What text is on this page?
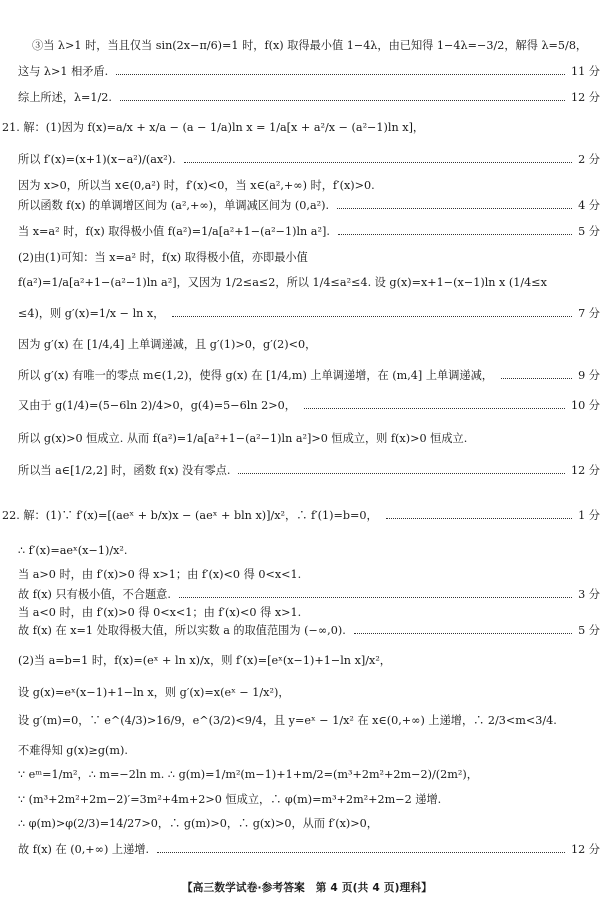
③当 λ>1 时，当且仅当 sin(2x−π/6)=1 时，f(x) 取得最小值 1−4λ，由已知得 1−4λ=−3/2，解得 λ=5/8，
这与 λ>1 相矛盾.	11 分
综上所述，λ=1/2.	12 分
21. 解：(1)因为 f(x)=a/x + x/a − (a − 1/a)ln x = 1/a[x + a²/x − (a²−1)ln x]，
所以 f′(x)=(x+1)(x−a²)/(ax²).	2 分
因为 x>0，所以当 x∈(0,a²) 时，f′(x)<0，当 x∈(a²,+∞) 时，f′(x)>0.
所以函数 f(x) 的单调增区间为 (a²,+∞)，单调减区间为 (0,a²).	4 分
当 x=a² 时，f(x) 取得极小值 f(a²)=1/a[a²+1−(a²−1)ln a²].	5 分
(2)由(1)可知：当 x=a² 时，f(x) 取得极小值，亦即最小值
f(a²)=1/a[a²+1−(a²−1)ln a²]，又因为 1/2≤a≤2，所以 1/4≤a²≤4. 设 g(x)=x+1−(x−1)ln x (1/4≤x
≤4)，则 g′(x)=1/x − ln x，	7 分
因为 g′(x) 在 [1/4,4] 上单调递减，且 g′(1)>0，g′(2)<0，
所以 g′(x) 有唯一的零点 m∈(1,2)，使得 g(x) 在 [1/4,m) 上单调递增，在 (m,4] 上单调递减，	9 分
又由于 g(1/4)=(5−6ln 2)/4>0，g(4)=5−6ln 2>0，	10 分
所以 g(x)>0 恒成立. 从而 f(a²)=1/a[a²+1−(a²−1)ln a²]>0 恒成立，则 f(x)>0 恒成立.
所以当 a∈[1/2,2] 时，函数 f(x) 没有零点.	12 分
22. 解：(1)∵ f′(x)=[(aeˣ + b/x)x − (aeˣ + bln x)]/x²，∴ f′(1)=b=0，	1 分
∴ f′(x)=aeˣ(x−1)/x².
当 a>0 时，由 f′(x)>0 得 x>1；由 f′(x)<0 得 0<x<1.
故 f(x) 只有极小值，不合题意.	3 分
当 a<0 时，由 f′(x)>0 得 0<x<1；由 f′(x)<0 得 x>1.
故 f(x) 在 x=1 处取得极大值，所以实数 a 的取值范围为 (−∞,0).	5 分
(2)当 a=b=1 时，f(x)=(eˣ + ln x)/x，则 f′(x)=[eˣ(x−1)+1−ln x]/x²，
设 g(x)=eˣ(x−1)+1−ln x，则 g′(x)=x(eˣ − 1/x²)，
设 g′(m)=0，∵ e^(4/3)>16/9，e^(3/2)<9/4，且 y=eˣ − 1/x² 在 x∈(0,+∞) 上递增，∴ 2/3<m<3/4.
不难得知 g(x)≥g(m).
∵ eᵐ=1/m²，∴ m=−2ln m. ∴ g(m)=1/m²(m−1)+1+m/2=(m³+2m²+2m−2)/(2m²)，
∵ (m³+2m²+2m−2)′=3m²+4m+2>0 恒成立，∴ φ(m)=m³+2m²+2m−2 递增.
∴ φ(m)>φ(2/3)=14/27>0，∴ g(m)>0，∴ g(x)>0，从而 f′(x)>0，
故 f(x) 在 (0,+∞) 上递增.	12 分
【高三数学试卷·参考答案　第 4 页(共 4 页)理科】
